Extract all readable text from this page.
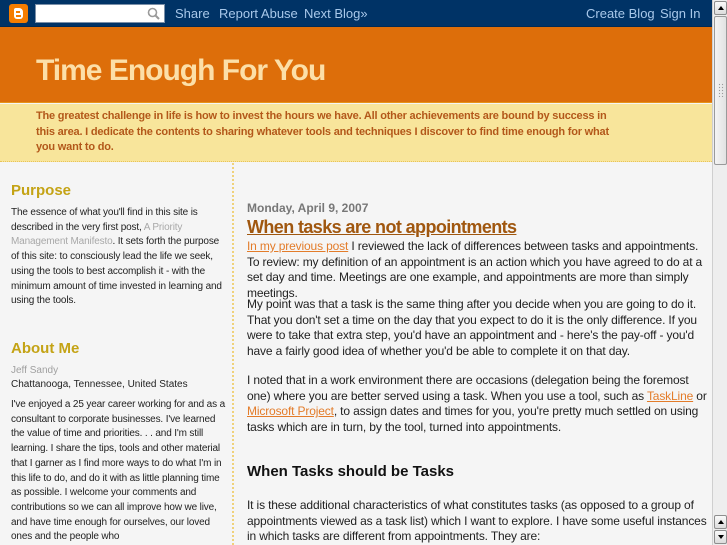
Share Report Abuse Next Blog»	Create Blog Sign In
Time Enough For You

The greatest challenge in life is how to invest the hours we have. All other achievements are bound by success in this area. I dedicate the contents to sharing whatever tools and techniques I discover to find time enough for what you want to do.

Purpose
The essence of what you'll find in this site is described in the very first post, A Priority Management Manifesto. It sets forth the purpose of this site: to consciously lead the life we seek, using the tools to best accomplish it - with the minimum amount of time invested in learning and using the tools.
About Me
Jeff Sandy
Chattanooga, Tennessee, United States
I've enjoyed a 25 year career working for and as a consultant to corporate businesses. I've learned the value of time and priorities. . . and I'm still learning. I share the tips, tools and other material that I garner as I find more ways to do what I'm in this life to do, and do it with as little planning time as possible. I welcome your comments and contributions so we can all improve how we live, and have time enough for ourselves, our loved ones and the people who
Monday, April 9, 2007
When tasks are not appointments
In my previous post I reviewed the lack of differences between tasks and appointments. To review: my definition of an appointment is an action which you have agreed to do at a set day and time. Meetings are one example, and appointments are more than simply meetings.
My point was that a task is the same thing after you decide when you are going to do it. That you don't set a time on the day that you expect to do it is the only difference. If you were to take that extra step, you'd have an appointment and - here's the pay-off - you'd have a fairly good idea of whether you'd be able to complete it on that day.
I noted that in a work environment there are occasions (delegation being the foremost one) where you are better served using a task. When you use a tool, such as TaskLine or Microsoft Project, to assign dates and times for you, you're pretty much settled on using tasks which are in turn, by the tool, turned into appointments.
When Tasks should be Tasks
It is these additional characteristics of what constitutes tasks (as opposed to a group of appointments viewed as a task list) which I want to explore. I have some useful instances in which tasks are different from appointments. They are:
